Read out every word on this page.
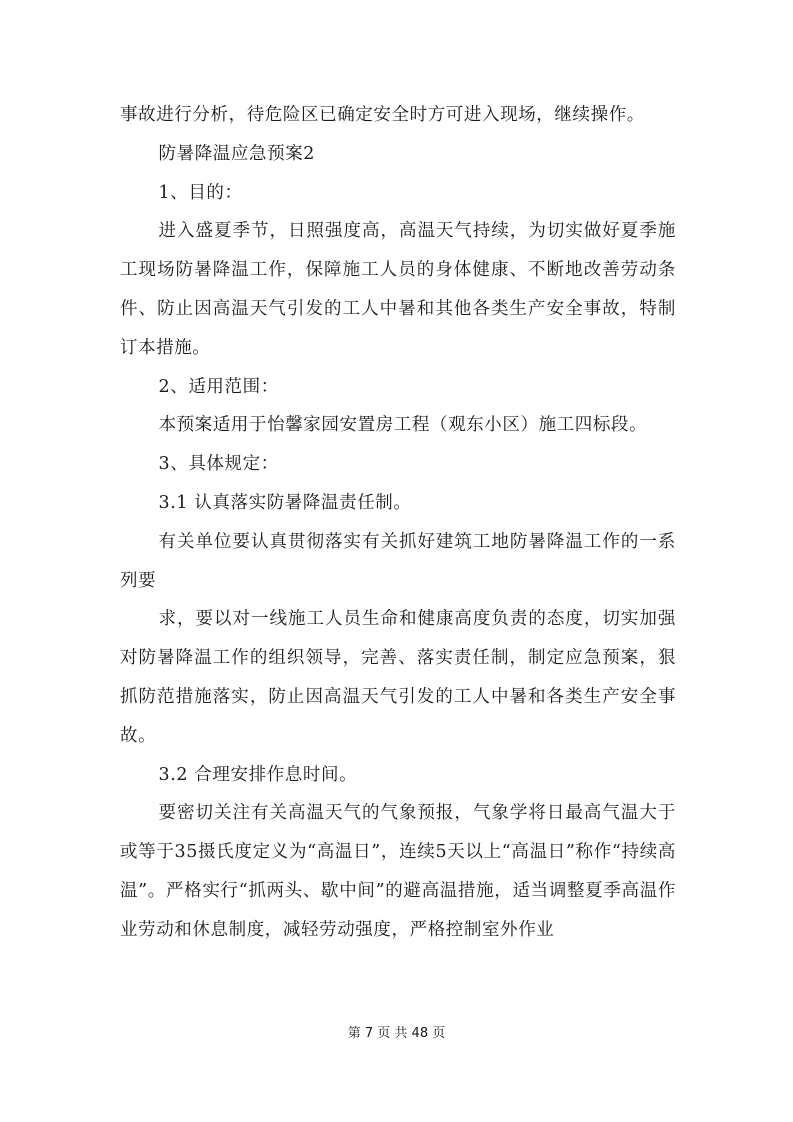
事故进行分析，待危险区已确定安全时方可进入现场，继续操作。

防暑降温应急预案2

1、目的：

进入盛夏季节，日照强度高，高温天气持续，为切实做好夏季施工现场防暑降温工作，保障施工人员的身体健康、不断地改善劳动条件、防止因高温天气引发的工人中暑和其他各类生产安全事故，特制订本措施。

2、适用范围：

本预案适用于怡馨家园安置房工程（观东小区）施工四标段。

3、具体规定：

3.1 认真落实防暑降温责任制。

有关单位要认真贯彻落实有关抓好建筑工地防暑降温工作的一系列要

求，要以对一线施工人员生命和健康高度负责的态度，切实加强对防暑降温工作的组织领导，完善、落实责任制，制定应急预案，狠抓防范措施落实，防止因高温天气引发的工人中暑和各类生产安全事故。

3.2 合理安排作息时间。

要密切关注有关高温天气的气象预报，气象学将日最高气温大于或等于35摄氏度定义为“高温日”，连续5天以上“高温日”称作“持续高温”。严格实行“抓两头、歇中间”的避高温措施，适当调整夏季高温作业劳动和休息制度，减轻劳动强度，严格控制室外作业

第 7 页 共 48 页
